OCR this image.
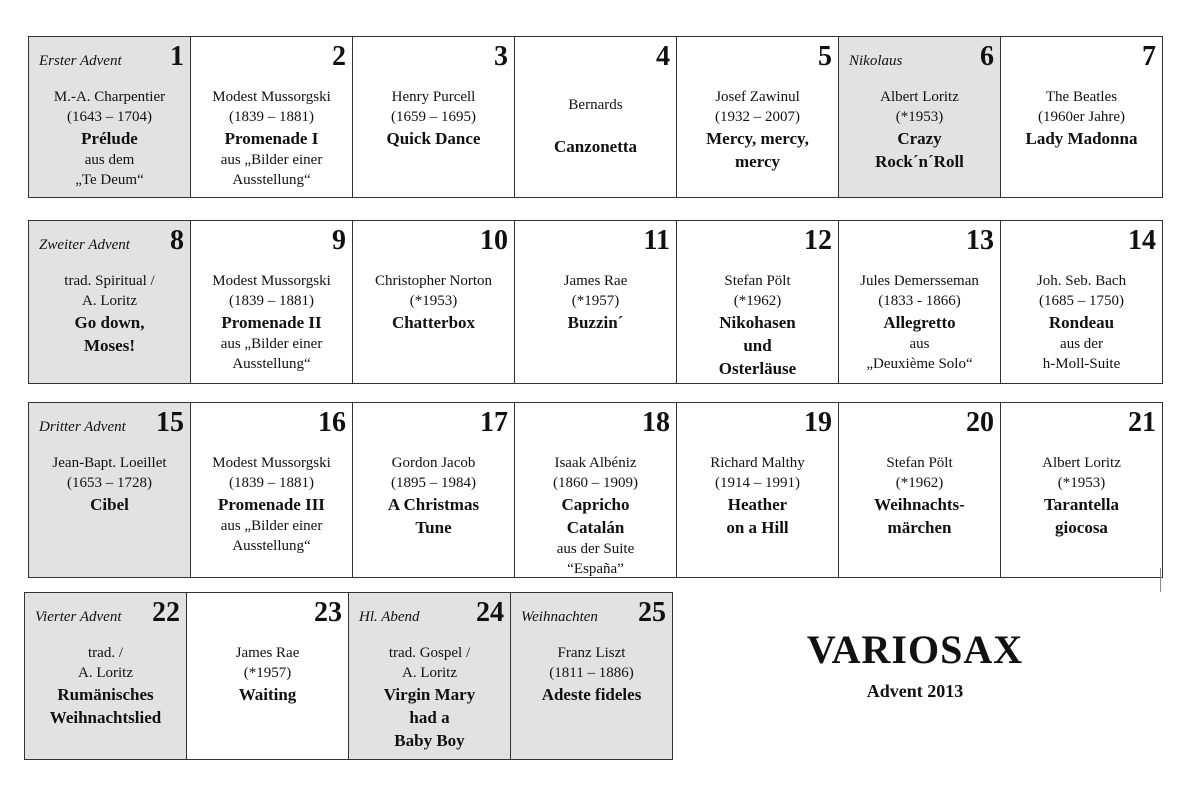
Erster Advent 1
M.-A. Charpentier
(1643 – 1704)
Prélude
aus dem
„Te Deum“
2
Modest Mussorgski
(1839 – 1881)
Promenade I
aus „Bilder einer
Ausstellung“
3
Henry Purcell
(1659 – 1695)
Quick Dance
4
Bernards

Canzonetta
5
Josef Zawinul
(1932 – 2007)
Mercy, mercy,
mercy
Nikolaus	6
Albert Loritz
(*1953)
Crazy
Rock´n´Roll
7
The Beatles
(1960er Jahre)
Lady Madonna
Zweiter Advent 8
trad. Spiritual /
A. Loritz
Go down,
Moses!
9
Modest Mussorgski
(1839 – 1881)
Promenade II
aus „Bilder einer
Ausstellung“
10
Christopher Norton
(*1953)
Chatterbox
11
James Rae
(*1957)
Buzzin´
12
Stefan Pölt
(*1962)
Nikohasen
und
Osterläuse
13
Jules Demersseman
(1833 - 1866)
Allegretto
aus
„Deuxième Solo“
14
Joh. Seb. Bach
(1685 – 1750)
Rondeau
aus der
h-Moll-Suite
Dritter Advent 15
Jean-Bapt. Loeillet
(1653 – 1728)
Cibel
16
Modest Mussorgski
(1839 – 1881)
Promenade III
aus „Bilder einer
Ausstellung“
17
Gordon Jacob
(1895 – 1984)
A Christmas
Tune
18
Isaak Albéniz
(1860 – 1909)
Capricho
Catalán
aus der Suite
“España”
19
Richard Malthy
(1914 – 1991)
Heather
on a Hill
20
Stefan Pölt
(*1962)
Weihnachts-
märchen
21
Albert Loritz
(*1953)
Tarantella
giocosa
Vierter Advent 22
trad. /
A. Loritz
Rumänisches
Weihnachtslied
23
James Rae
(*1957)
Waiting
Hl. Abend 24
trad. Gospel /
A. Loritz
Virgin Mary
had a
Baby Boy
Weihnachten 25
Franz Liszt
(1811 – 1886)
Adeste fideles
VARIOSAX
Advent 2013
